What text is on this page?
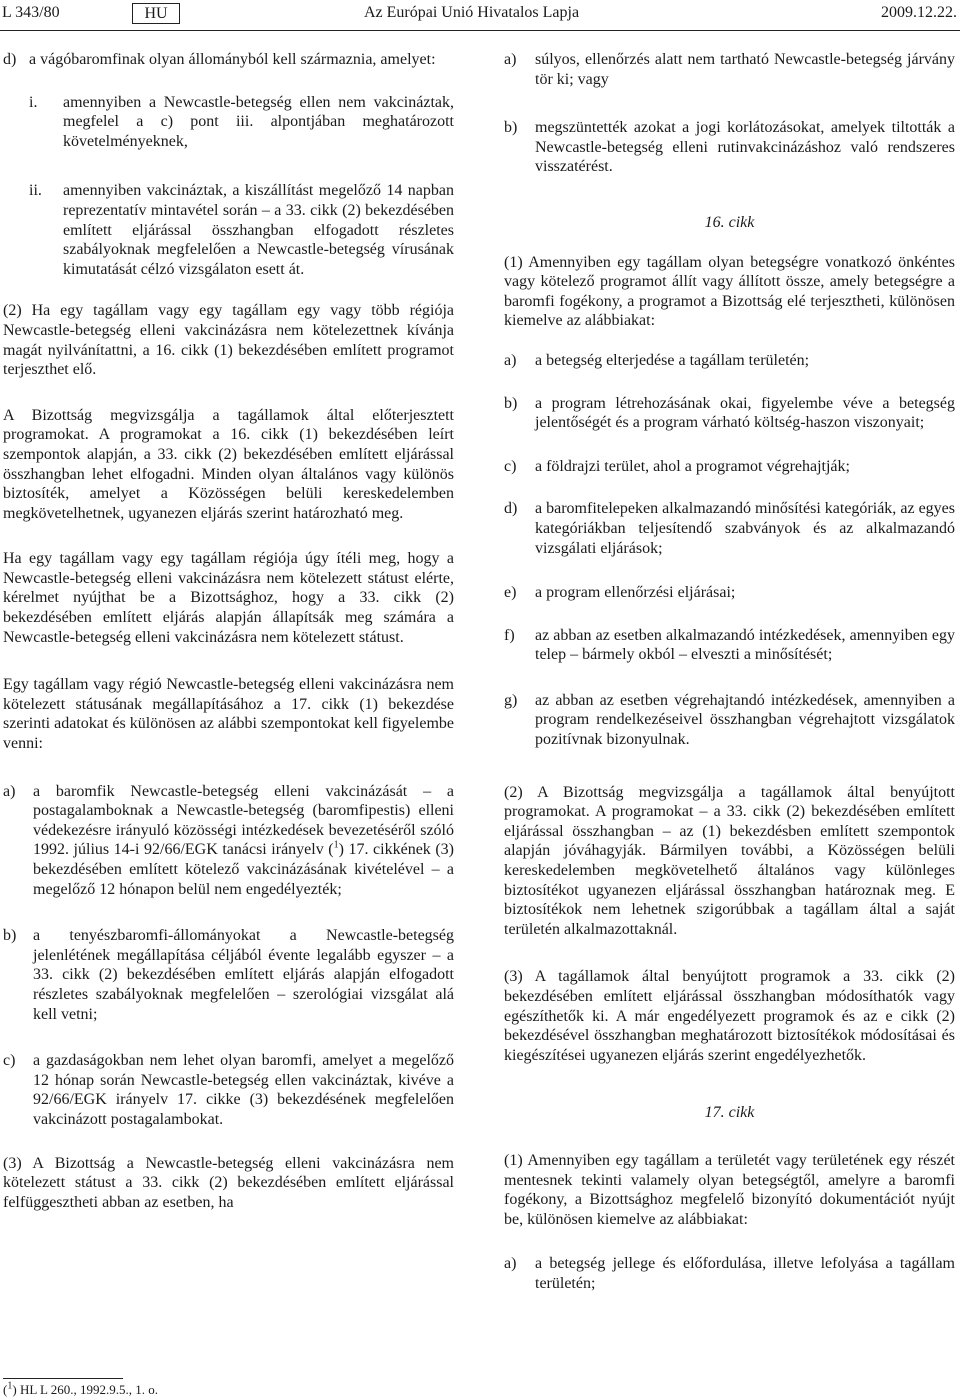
L 343/80	HU	Az Európai Unió Hivatalos Lapja	2009.12.22.
d) a vágóbaromfinak olyan állományból kell származnia, amelyet:
i.	amennyiben a Newcastle-betegség ellen nem vakcináztak, megfelel a c) pont iii. alpontjában meghatározott követelményeknek,
ii.	amennyiben vakcináztak, a kiszállítást megelőző 14 napban reprezentatív mintavétel során – a 33. cikk (2) bekezdésében említett eljárással összhangban elfogadott részletes szabályoknak megfelelően a Newcastle-betegség vírusának kimutatását célzó vizsgálaton esett át.

(2) Ha egy tagállam vagy egy tagállam egy vagy több régiója Newcastle-betegség elleni vakcinázásra nem kötelezettnek kívánja magát nyilvánítattni, a 16. cikk (1) bekezdésében említett programot terjeszthet elő.

A Bizottság megvizsgálja a tagállamok által előterjesztett programokat. A programokat a 16. cikk (1) bekezdésében leírt szempontok alapján, a 33. cikk (2) bekezdésében említett eljárással összhangban lehet elfogadni. Minden olyan általános vagy különös biztosíték, amelyet a Közösségen belüli kereskedelemben megkövetelhetnek, ugyanezen eljárás szerint határozható meg.

Ha egy tagállam vagy egy tagállam régiója úgy ítéli meg, hogy a Newcastle-betegség elleni vakcinázásra nem kötelezett státust elérte, kérelmet nyújthat be a Bizottsághoz, hogy a 33. cikk (2) bekezdésében említett eljárás alapján állapítsák meg számára a Newcastle-betegség elleni vakcinázásra nem kötelezett státust.

Egy tagállam vagy régió Newcastle-betegség elleni vakcinázásra nem kötelezett státusának megállapításához a 17. cikk (1) bekezdése szerinti adatokat és különösen az alábbi szempontokat kell figyelembe venni:

a)	a baromfik Newcastle-betegség elleni vakcinázását – a postagalamboknak a Newcastle-betegség (baromfipestis) elleni védekezésre irányuló közösségi intézkedések bevezetéséről szóló 1992. július 14-i 92/66/EGK tanácsi irányelv ($^1$) 17. cikkének (3) bekezdésében említett kötelező vakcinázásának kivételével – a megelőző 12 hónapon belül nem engedélyezték;
b)	a tenyészbaromfi-állományokat a Newcastle-betegség jelenlétének megállapítása céljából évente legalább egyszer – a 33. cikk (2) bekezdésében említett eljárás alapján elfogadott részletes szabályoknak megfelelően – szerológiai vizsgálat alá kell vetni;
c)	a gazdaságokban nem lehet olyan baromfi, amelyet a megelőző 12 hónap során Newcastle-betegség ellen vakcináztak, kivéve a 92/66/EGK irányelv 17. cikke (3) bekezdésének megfelelően vakcinázott postagalambokat.

(3) A Bizottság a Newcastle-betegség elleni vakcinázásra nem kötelezett státust a 33. cikk (2) bekezdésében említett eljárással felfüggesztheti abban az esetben, ha

a)	súlyos, ellenőrzés alatt nem tartható Newcastle-betegség járvány tör ki; vagy
b)	megszüntették azokat a jogi korlátozásokat, amelyek tiltották a Newcastle-betegség elleni rutinvakcinázáshoz való rendszeres visszatérést.

16. cikk

(1) Amennyiben egy tagállam olyan betegségre vonatkozó önkéntes vagy kötelező programot állít vagy állított össze, amely betegségre a baromfi fogékony, a programot a Bizottság elé terjesztheti, különösen kiemelve az alábbiakat:

a)	a betegség elterjedése a tagállam területén;
b)	a program létrehozásának okai, figyelembe véve a betegség jelentőségét és a program várható költség-haszon viszonyait;
c)	a földrajzi terület, ahol a programot végrehajtják;
d)	a baromfitelepeken alkalmazandó minősítési kategóriák, az egyes kategóriákban teljesítendő szabványok és az alkalmazandó vizsgálati eljárások;
e)	a program ellenőrzési eljárásai;
f)	az abban az esetben alkalmazandó intézkedések, amennyiben egy telep – bármely okból – elveszti a minősítését;
g)	az abban az esetben végrehajtandó intézkedések, amennyiben a program rendelkezéseivel összhangban végrehajtott vizsgálatok pozitívnak bizonyulnak.

(2) A Bizottság megvizsgálja a tagállamok által benyújtott programokat. A programokat – a 33. cikk (2) bekezdésében említett eljárással összhangban – az (1) bekezdésben említett szempontok alapján jóváhagyják. Bármilyen további, a Közösségen belüli kereskedelemben megkövetelhető általános vagy különleges biztosítékot ugyanezen eljárással összhangban határoznak meg. E biztosítékok nem lehetnek szigorúbbak a tagállam által a saját területén alkalmazottaknál.

(3) A tagállamok által benyújtott programok a 33. cikk (2) bekezdésében említett eljárással összhangban módosíthatók vagy egészíthetők ki. A már engedélyezett programok és az e cikk (2) bekezdésével összhangban meghatározott biztosítékok módosításai és kiegészítései ugyanezen eljárás szerint engedélyezhetők.

17. cikk

(1) Amennyiben egy tagállam a területét vagy területének egy részét mentesnek tekinti valamely olyan betegségtől, amelyre a baromfi fogékony, a Bizottsághoz megfelelő bizonyító dokumentációt nyújt be, különösen kiemelve az alábbiakat:

a)	a betegség jellege és előfordulása, illetve lefolyása a tagállam területén;
($^1$) HL L 260., 1992.9.5., 1. o.
